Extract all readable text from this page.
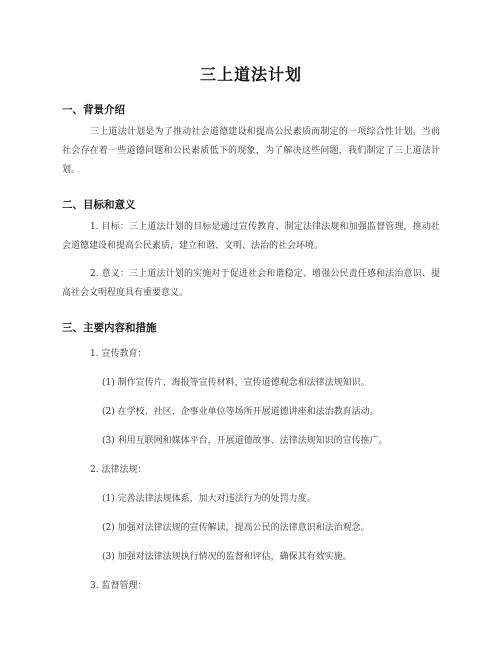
三上道法计划
一、背景介绍
三上道法计划是为了推动社会道德建设和提高公民素质而制定的一项综合性计划。当前社会存在着一些道德问题和公民素质低下的现象，为了解决这些问题，我们制定了三上道法计划。
二、目标和意义
1. 目标：三上道法计划的目标是通过宣传教育、制定法律法规和加强监督管理，推动社会道德建设和提高公民素质，建立和谐、文明、法治的社会环境。
2. 意义：三上道法计划的实施对于促进社会和谐稳定、增强公民责任感和法治意识、提高社会文明程度具有重要意义。
三、主要内容和措施
1. 宣传教育：
(1) 制作宣传片、海报等宣传材料，宣传道德观念和法律法规知识。
(2) 在学校、社区、企事业单位等场所开展道德讲座和法治教育活动。
(3) 利用互联网和媒体平台，开展道德故事、法律法规知识的宣传推广。
2. 法律法规：
(1) 完善法律法规体系，加大对违法行为的处罚力度。
(2) 加强对法律法规的宣传解读，提高公民的法律意识和法治观念。
(3) 加强对法律法规执行情况的监督和评估，确保其有效实施。
3. 监督管理：
